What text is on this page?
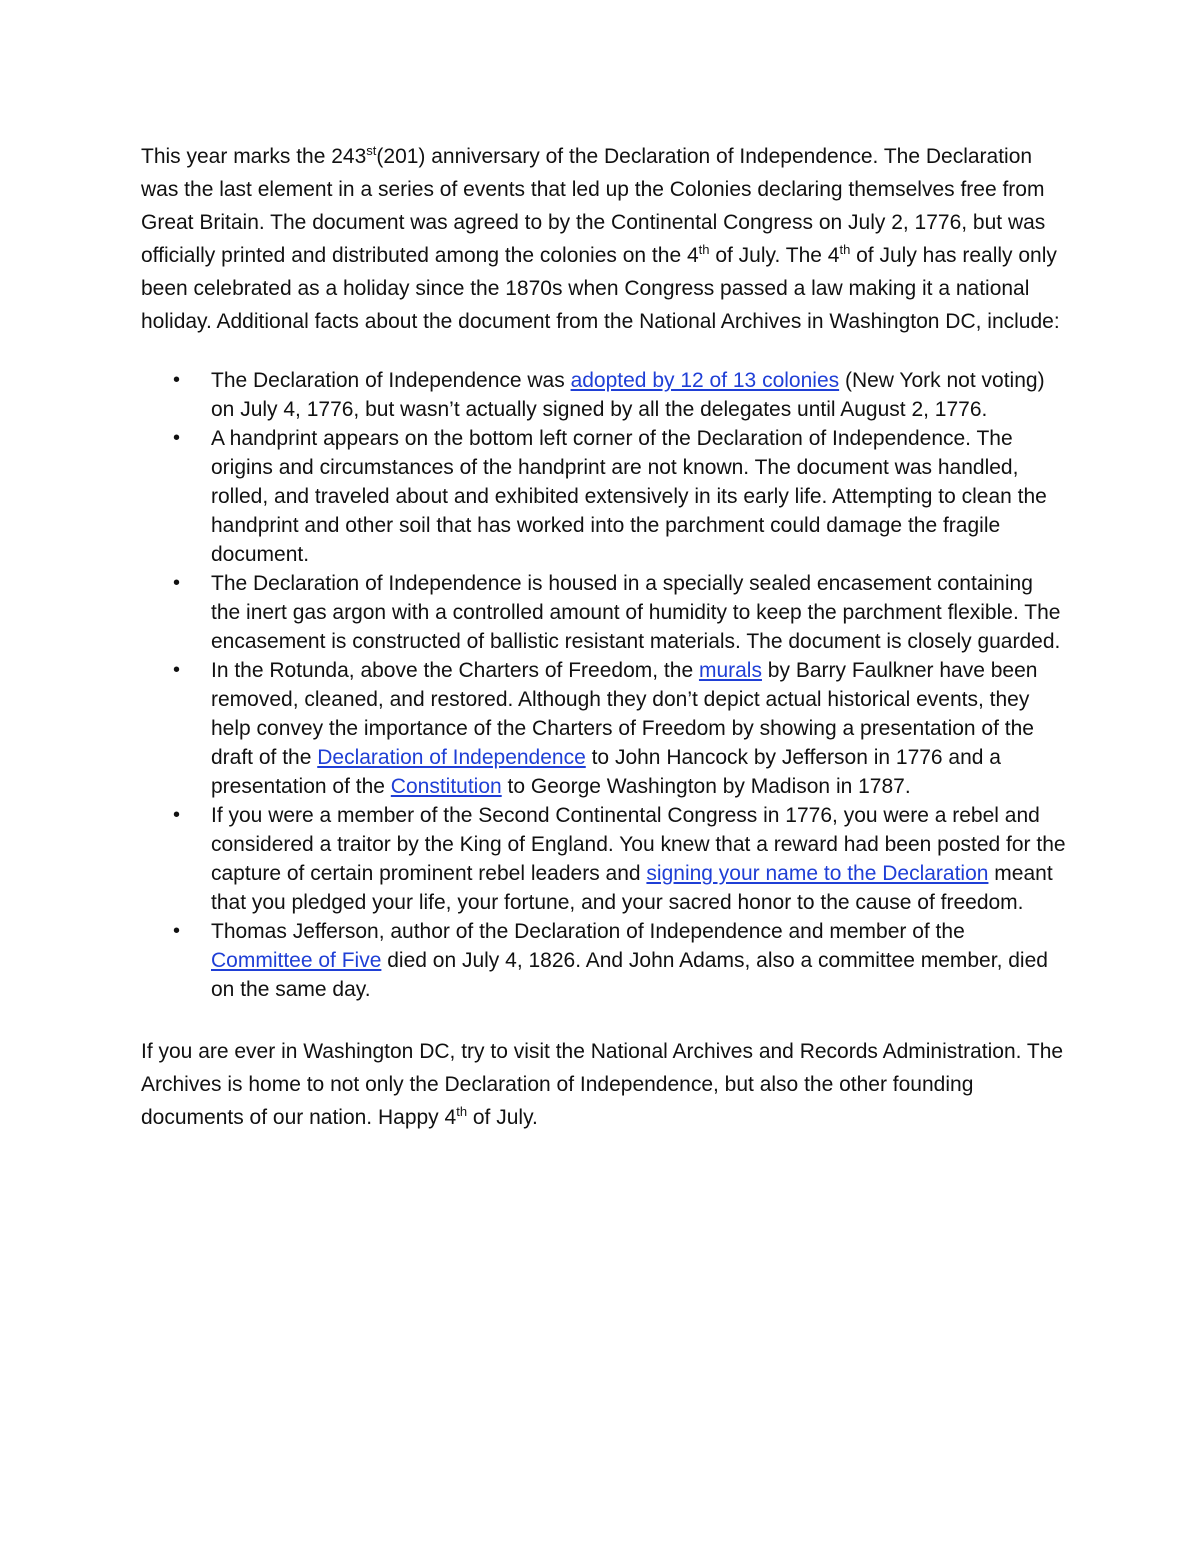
This year marks the 243st(201) anniversary of the Declaration of Independence. The Declaration was the last element in a series of events that led up the Colonies declaring themselves free from Great Britain. The document was agreed to by the Continental Congress on July 2, 1776, but was officially printed and distributed among the colonies on the 4th of July. The 4th of July has really only been celebrated as a holiday since the 1870s when Congress passed a law making it a national holiday. Additional facts about the document from the National Archives in Washington DC, include:

• The Declaration of Independence was adopted by 12 of 13 colonies (New York not voting) on July 4, 1776, but wasn’t actually signed by all the delegates until August 2, 1776.
• A handprint appears on the bottom left corner of the Declaration of Independence. The origins and circumstances of the handprint are not known. The document was handled, rolled, and traveled about and exhibited extensively in its early life. Attempting to clean the handprint and other soil that has worked into the parchment could damage the fragile document.
• The Declaration of Independence is housed in a specially sealed encasement containing the inert gas argon with a controlled amount of humidity to keep the parchment flexible. The encasement is constructed of ballistic resistant materials. The document is closely guarded.
• In the Rotunda, above the Charters of Freedom, the murals by Barry Faulkner have been removed, cleaned, and restored. Although they don’t depict actual historical events, they help convey the importance of the Charters of Freedom by showing a presentation of the draft of the Declaration of Independence to John Hancock by Jefferson in 1776 and a presentation of the Constitution to George Washington by Madison in 1787.
• If you were a member of the Second Continental Congress in 1776, you were a rebel and considered a traitor by the King of England. You knew that a reward had been posted for the capture of certain prominent rebel leaders and signing your name to the Declaration meant that you pledged your life, your fortune, and your sacred honor to the cause of freedom.
• Thomas Jefferson, author of the Declaration of Independence and member of the Committee of Five died on July 4, 1826. And John Adams, also a committee member, died on the same day.

If you are ever in Washington DC, try to visit the National Archives and Records Administration. The Archives is home to not only the Declaration of Independence, but also the other founding documents of our nation. Happy 4th of July.
